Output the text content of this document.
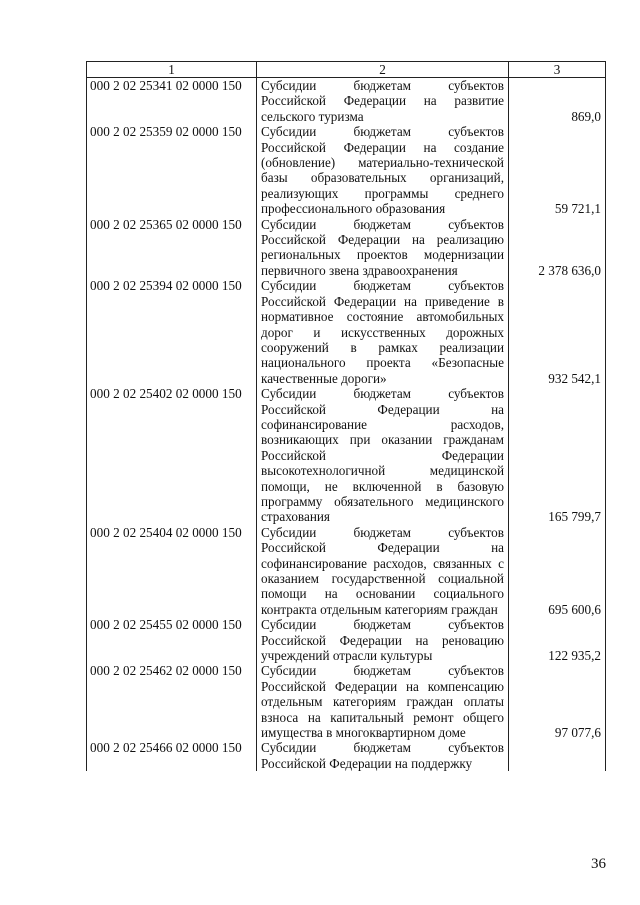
1	2	3
000 2 02 25341 02 0000 150	Субсидии бюджетам субъектов Российской Федерации на развитие сельского туризма	869,0
000 2 02 25359 02 0000 150	Субсидии бюджетам субъектов Российской Федерации на создание (обновление) материально-технической базы образовательных организаций, реализующих программы среднего профессионального образования	59 721,1
000 2 02 25365 02 0000 150	Субсидии бюджетам субъектов Российской Федерации на реализацию региональных проектов модернизации первичного звена здравоохранения	2 378 636,0
000 2 02 25394 02 0000 150	Субсидии бюджетам субъектов Российской Федерации на приведение в нормативное состояние автомобильных дорог и искусственных дорожных сооружений в рамках реализации национального проекта «Безопасные качественные дороги»	932 542,1
000 2 02 25402 02 0000 150	Субсидии бюджетам субъектов Российской Федерации на софинансирование расходов, возникающих при оказании гражданам Российской Федерации высокотехнологичной медицинской помощи, не включенной в базовую программу обязательного медицинского страхования	165 799,7
000 2 02 25404 02 0000 150	Субсидии бюджетам субъектов Российской Федерации на софинансирование расходов, связанных с оказанием государственной социальной помощи на основании социального контракта отдельным категориям граждан	695 600,6
000 2 02 25455 02 0000 150	Субсидии бюджетам субъектов Российской Федерации на реновацию учреждений отрасли культуры	122 935,2
000 2 02 25462 02 0000 150	Субсидии бюджетам субъектов Российской Федерации на компенсацию отдельным категориям граждан оплаты взноса на капитальный ремонт общего имущества в многоквартирном доме	97 077,6
000 2 02 25466 02 0000 150	Субсидии бюджетам субъектов Российской Федерации на поддержку	
36
